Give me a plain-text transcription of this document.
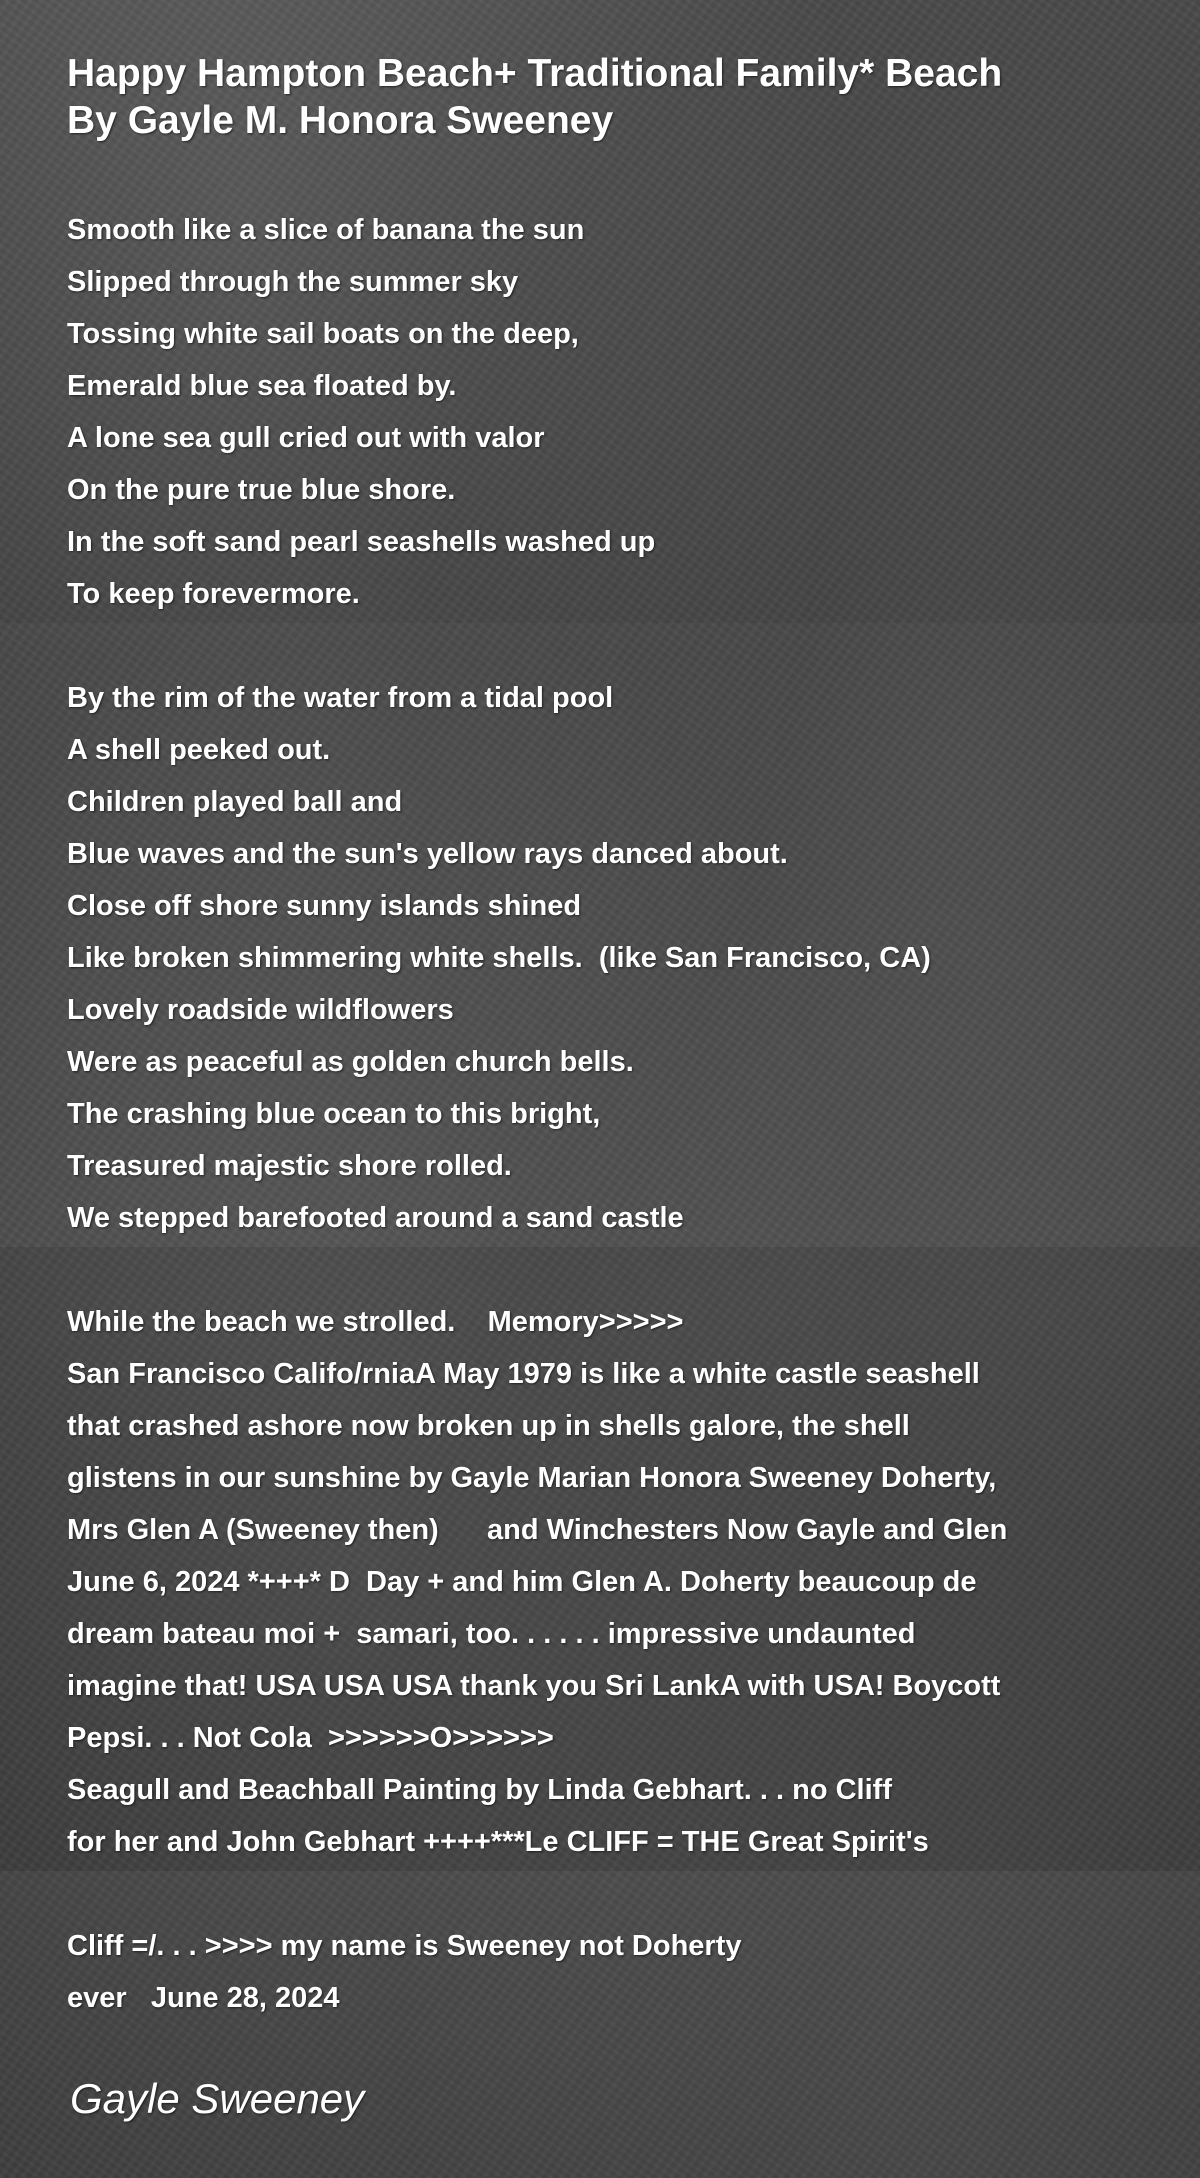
Happy Hampton Beach+ Traditional Family* Beach
By Gayle M. Honora Sweeney
Smooth like a slice of banana the sun
Slipped through the summer sky
Tossing white sail boats on the deep,
Emerald blue sea floated by.
A lone sea gull cried out with valor
On the pure true blue shore.
In the soft sand pearl seashells washed up
To keep forevermore.
By the rim of the water from a tidal pool
A shell peeked out.
Children played ball and
Blue waves and the sun's yellow rays danced about.
Close off shore sunny islands shined
Like broken shimmering white shells.  (like San Francisco, CA)
Lovely roadside wildflowers
Were as peaceful as golden church bells.
The crashing blue ocean to this bright,
Treasured majestic shore rolled.
We stepped barefooted around a sand castle
While the beach we strolled.    Memory>>>>>
San Francisco Califo/rniaA May 1979 is like a white castle seashell
that crashed ashore now broken up in shells galore, the shell
glistens in our sunshine by Gayle Marian Honora Sweeney Doherty,
Mrs Glen A (Sweeney then)      and Winchesters Now Gayle and Glen
June 6, 2024 *+++* D  Day + and him Glen A. Doherty beaucoup de
dream bateau moi +  samari, too. . . . . . impressive undaunted
imagine that! USA USA USA thank you Sri LankA with USA! Boycott
Pepsi. . . Not Cola  >>>>>>O>>>>>>
Seagull and Beachball Painting by Linda Gebhart. . . no Cliff
for her and John Gebhart ++++***Le CLIFF = THE Great Spirit's
Cliff =/. . . >>>> my name is Sweeney not Doherty
ever   June 28, 2024
Gayle Sweeney
